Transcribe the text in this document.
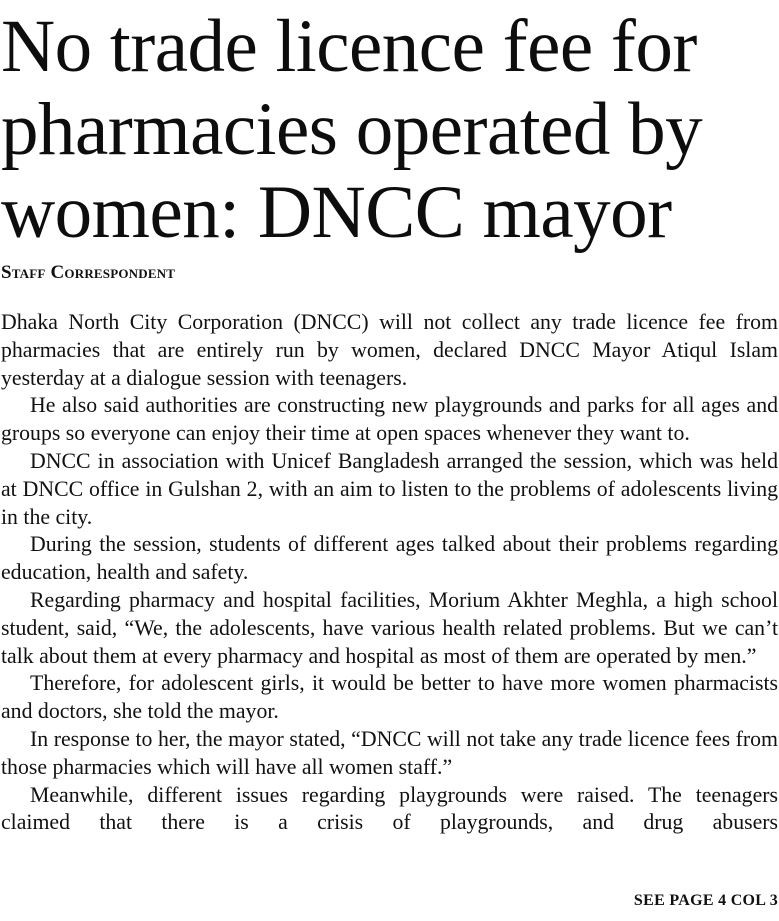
No trade licence fee for
pharmacies operated by
women: DNCC mayor
Staff Correspondent

Dhaka North City Corporation (DNCC) will not collect any trade licence fee from pharmacies that are entirely run by women, declared DNCC Mayor Atiqul Islam yesterday at a dialogue session with teenagers.

He also said authorities are constructing new playgrounds and parks for all ages and groups so everyone can enjoy their time at open spaces whenever they want to.

DNCC in association with Unicef Bangladesh arranged the session, which was held at DNCC office in Gulshan 2, with an aim to listen to the problems of adolescents living in the city.

During the session, students of different ages talked about their problems regarding education, health and safety.

Regarding pharmacy and hospital facilities, Morium Akhter Meghla, a high school student, said, “We, the adolescents, have various health related problems. But we can’t talk about them at every pharmacy and hospital as most of them are operated by men.”

Therefore, for adolescent girls, it would be better to have more women pharmacists and doctors, she told the mayor.

In response to her, the mayor stated, “DNCC will not take any trade licence fees from those pharmacies which will have all women staff.”

Meanwhile, different issues regarding playgrounds were raised. The teenagers claimed that there is a crisis of playgrounds, and drug abusers

SEE PAGE 4 COL 3
